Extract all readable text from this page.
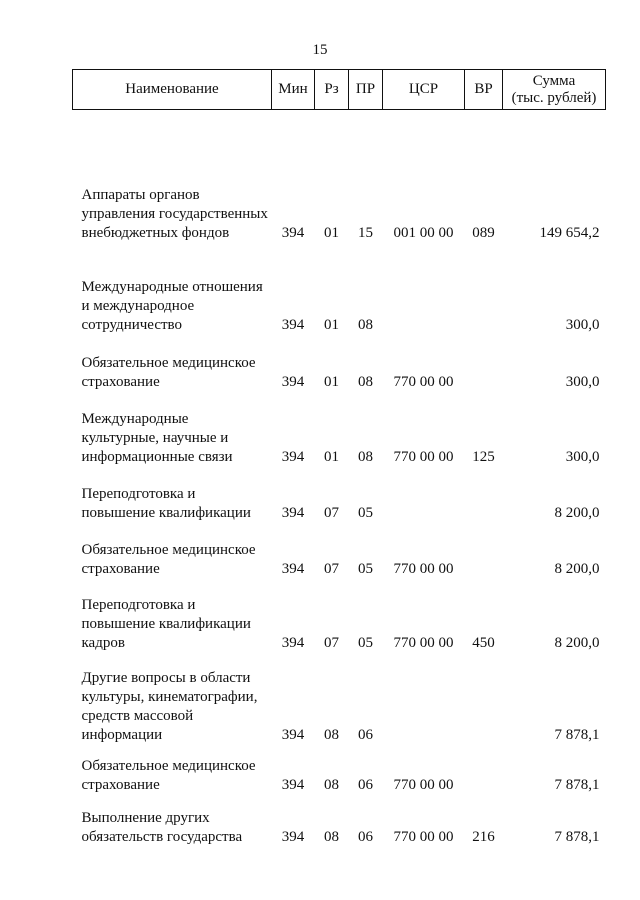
15
Наименование	Мин	Рз	ПР	ЦСР	ВР	Сумма
(тыс. рублей)

Аппараты органов управления государственных внебюджетных фондов	394	01	15	001 00 00	089	149 654,2
Международные отношения и международное сотрудничество	394	01	08			300,0
Обязательное медицинское страхование	394	01	08	770 00 00		300,0
Международные культурные, научные и информационные связи	394	01	08	770 00 00	125	300,0
Переподготовка и повышение квалификации	394	07	05			8 200,0
Обязательное медицинское страхование	394	07	05	770 00 00		8 200,0
Переподготовка и повышение квалификации кадров	394	07	05	770 00 00	450	8 200,0
Другие вопросы в области культуры, кинематографии, средств массовой информации	394	08	06			7 878,1
Обязательное медицинское страхование	394	08	06	770 00 00		7 878,1
Выполнение других обязательств государства	394	08	06	770 00 00	216	7 878,1
